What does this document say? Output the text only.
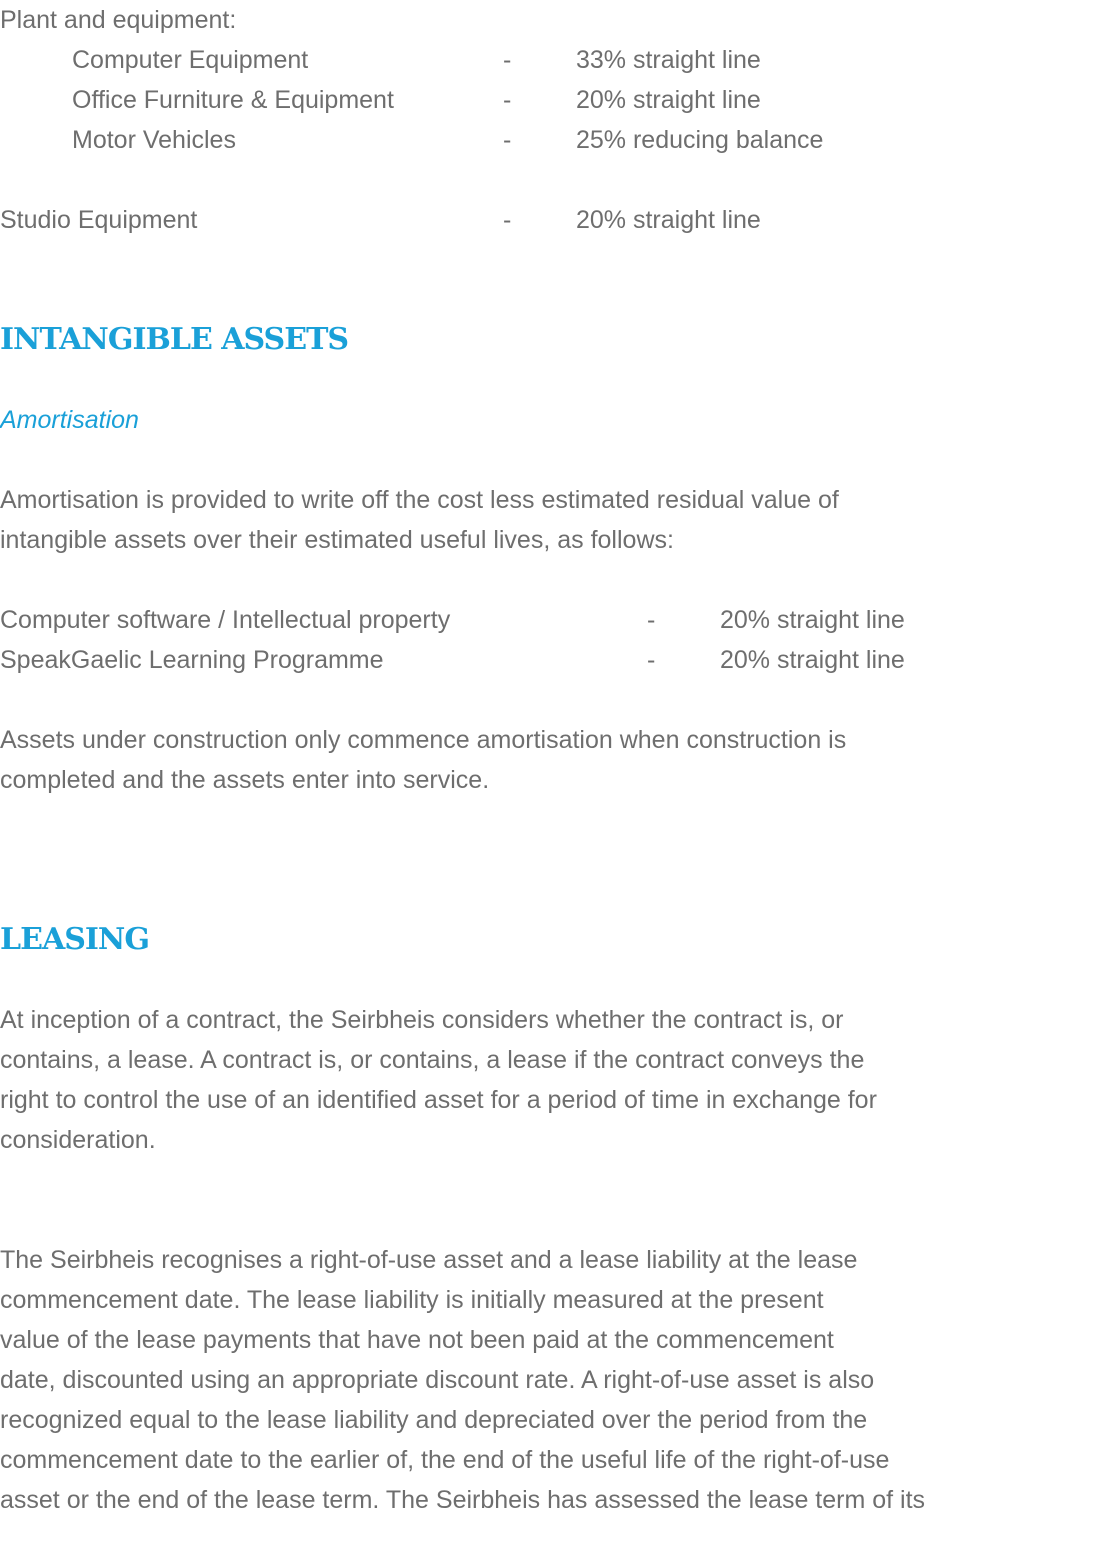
Plant and equipment:
Computer Equipment	-	33% straight line
Office Furniture & Equipment	-	20% straight line
Motor Vehicles	-	25% reducing balance
Studio Equipment	-	20% straight line
INTANGIBLE ASSETS
Amortisation
Amortisation is provided to write off the cost less estimated residual value of
intangible assets over their estimated useful lives, as follows:
Computer software / Intellectual property	-	20% straight line
SpeakGaelic Learning Programme	-	20% straight line
Assets under construction only commence amortisation when construction is
completed and the assets enter into service.
LEASING
At inception of a contract, the Seirbheis considers whether the contract is, or
contains, a lease. A contract is, or contains, a lease if the contract conveys the
right to control the use of an identified asset for a period of time in exchange for
consideration.
The Seirbheis recognises a right-of-use asset and a lease liability at the lease
commencement date. The lease liability is initially measured at the present
value of the lease payments that have not been paid at the commencement
date, discounted using an appropriate discount rate. A right-of-use asset is also
recognized equal to the lease liability and depreciated over the period from the
commencement date to the earlier of, the end of the useful life of the right-of-use
asset or the end of the lease term. The Seirbheis has assessed the lease term of its
